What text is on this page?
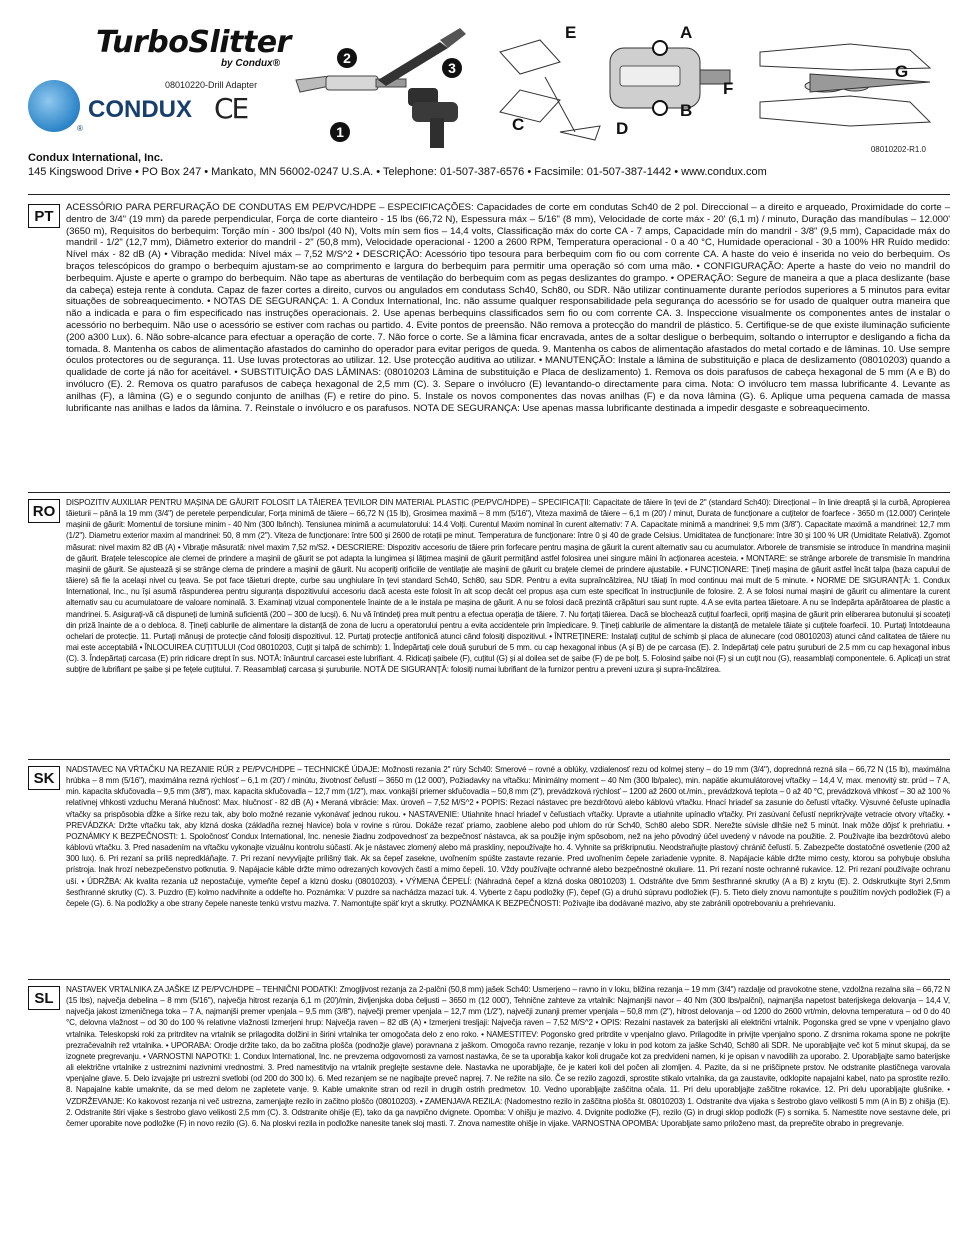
TurboSlitter
by Condux®
08010220-Drill Adapter
CONDUX
®
CE
2
3
1
E	A
G
F
B
C	D
08010202-R1.0
Condux International, Inc.
145 Kingswood Drive • PO Box 247 • Mankato, MN 56002-0247 U.S.A. • Telephone: 01-507-387-6576 • Facsimile: 01-507-387-1442 • www.condux.com
PT	ACESSÓRIO PARA PERFURAÇÃO DE CONDUTAS EM PE/PVC/HDPE – ESPECIFICAÇÕES: Capacidades de corte em condutas Sch40 de 2 pol. Direccional – a direito e arqueado, Proximidade do corte – dentro de 3/4" (19 mm) da parede perpendicular, Força de corte dianteiro - 15 lbs (66,72 N), Espessura máx – 5/16" (8 mm), Velocidade de corte máx - 20' (6,1 m) / minuto, Duração das mandíbulas – 12.000' (3650 m), Requisitos do berbequim: Torção mín - 300 lbs/pol (40 N), Volts mín sem fios – 14,4 volts, Classificação máx do corte CA - 7 amps, Capacidade mín do mandril - 3/8" (9,5 mm), Capacidade máx do mandril - 1/2" (12,7 mm), Diâmetro exterior do mandril - 2" (50,8 mm), Velocidade operacional - 1200 a 2600 RPM, Temperatura operacional - 0 a 40 °C, Humidade operacional - 30 a 100% HR Ruído medido: Nível máx - 82 dB (A) • Vibração medida: Nível máx – 7,52 M/S^2 • DESCRIÇÃO: Acessório tipo tesoura para berbequim com fio ou com corrente CA. A haste do veio é inserida no veio do berbequim. Os braços telescópicos do grampo o berbequim ajustam-se ao comprimento e largura do berbequim para permitir uma operação só com uma mão. • CONFIGURAÇÃO: Aperte a haste do veio no mandril do berbequim. Ajuste e aperte o grampo do berbequim. Não tape as aberturas de ventilação do berbequim com as pegas deslizantes do grampo. • OPERAÇÃO: Segure de maneira a que a placa deslizante (base da cabeça) esteja rente à conduta. Capaz de fazer cortes a direito, curvos ou angulados em condutass Sch40, Sch80, ou SDR. Não utilizar continuamente durante períodos superiores a 5 minutos para evitar situações de sobreaquecimento. • NOTAS DE SEGURANÇA: 1. A Condux International, Inc. não assume qualquer responsabilidade pela segurança do acessório se for usado de qualquer outra maneira que não a indicada e para o fim especificado nas instruções operacionais. 2. Use apenas berbequins classificados sem fio ou com corrente CA. 3. Inspeccione visualmente os componentes antes de instalar o acessório no berbequim. Não use o acessório se estiver com rachas ou partido. 4. Evite pontos de preensão. Não remova a protecção do mandril de plástico. 5. Certifique-se de que existe iluminação suficiente (200 a300 Lux). 6. Não sobre-alcance para efectuar a operação de corte. 7. Não force o corte. Se a lâmina ficar encravada, antes de a soltar desligue o berbequim, soltando o interruptor e desligando a ficha da tomada. 8. Mantenha os cabos de alimentação afastados do caminho do operador para evitar perigos de queda. 9. Mantenha os cabos de alimentação afastados do metal cortado e de lâminas. 10. Use sempre óculos protectores ou de segurança. 11. Use luvas protectoras ao utilizar. 12. Use protecção auditiva ao utilizar. • MANUTENÇÃO: Instale a lâmina de substituição e placa de deslizamento (08010203) quando a qualidade de corte já não for aceitável. • SUBSTITUIÇÃO DAS LÂMINAS: (08010203 Lâmina de substituição e Placa de deslizamento) 1. Remova os dois parafusos de cabeça hexagonal de 5 mm (A e B) do invólucro (E). 2. Remova os quatro parafusos de cabeça hexagonal de 2,5 mm (C). 3. Separe o invólucro (E) levantando-o directamente para cima. Nota: O invólucro tem massa lubrificante 4. Levante as anilhas (F), a lâmina (G) e o segundo conjunto de anilhas (F) e retire do pino. 5. Instale os novos componentes das novas anilhas (F) e da nova lâmina (G). 6. Aplique uma pequena camada de massa lubrificante nas anilhas e lados da lâmina. 7. Reinstale o invólucro e os parafusos. NOTA DE SEGURANÇA: Use apenas massa lubrificante destinada a impedir desgaste e sobreaquecimento.
RO	DISPOZITIV AUXILIAR PENTRU MAȘINA DE GĂURIT FOLOSIT LA TĂIEREA ȚEVILOR DIN MATERIAL PLASTIC (PE/PVC/HDPE) – SPECIFICAȚII: Capacitate de tăiere în țevi de 2" (standard Sch40): Direcțional – în linie dreaptă și la curbă, Apropierea tăieturii – până la 19 mm (3/4") de peretele perpendicular, Forța minimă de tăiere – 66,72 N (15 lb), Grosimea maximă – 8 mm (5/16"), Viteza maximă de tăiere – 6,1 m (20') / minut, Durata de funcționare a cuțitelor de foarfece - 3650 m (12.000') Cerințele mașinii de găurit: Momentul de torsiune minim - 40 Nm (300 lb/inch). Tensiunea minimă a acumulatorului: 14.4 Volți. Curentul Maxim nominal în curent alternativ: 7 A. Capacitate minimă a mandrinei: 9,5 mm (3/8"). Capacitate maximă a mandrinei: 12,7 mm (1/2"). Diametru exterior maxim al mandrinei: 50, 8 mm (2"). Viteza de funcționare: între 500 și 2600 de rotații pe minut. Temperatura de funcționare: între 0 și 40 de grade Celsius. Umiditatea de funcționare: între 30 și 100 % UR (Umiditate Relativă). Zgomot măsurat: nivel maxim 82 dB (A) • Vibrație măsurată: nivel maxim 7,52 m/S2. • DESCRIERE: Dispozitiv accesoriu de tăiere prin forfecare pentru mașina de găurit la curent alternativ sau cu acumulator. Arborele de transmisie se introduce în mandrina mașinii de găurit. Brațele telescopice ale clemei de prindere a mașinii de găurit se pot adapta la lungimea și lățimea mașinii de găurit permițând astfel folosirea unei singure mâini în acționarea acesteia. • MONTARE: se strânge arborele de transmisie în mandrina mașinii de găurit. Se ajustează și se strânge clema de prindere a mașinii de găurit. Nu acoperiți orificiile de ventilație ale mașinii de găurit cu brațele clemei de prindere ajustabile. • FUNCȚIONARE: Țineți mașina de găurit astfel încât talpa (baza capului de tăiere) să fie la același nivel cu țeava. Se pot face tăieturi drepte, curbe sau unghiulare în țevi standard Sch40, Sch80, sau SDR. Pentru a evita supraîncălzirea, NU tăiați în mod continuu mai mult de 5 minute. • NORME DE SIGURANȚĂ: 1. Condux International, Inc., nu își asumă răspunderea pentru siguranța dispozitivului accesoriu dacă acesta este folosit în alt scop decât cel propus așa cum este specificat în instrucțiunile de folosire. 2. A se folosi numai mașini de găurit cu alimentare la curent alternativ sau cu acumulatoare de valoare nominală. 3. Examinați vizual componentele înainte de a le instala pe mașina de găurit. A nu se folosi dacă prezintă crăpături sau sunt rupte. 4.A se evita partea tăietoare. A nu se îndepărta apărătoarea de plastic a mandrinei. 5. Asigurați-vă că dispuneți de lumină suficientă (200 – 300 de lucși). 6. Nu vă întindeți prea mult pentru a efectua operația de tăiere. 7. Nu forțați tăierea. Dacă se blochează cuțitul foarfecii, opriți mașina de găurit prin eliberarea butonului și scoateți din priză înainte de a o debloca. 8. Țineți cablurile de alimentare la distanță de zona de lucru a operatorului pentru a evita accidentele prin împiedicare. 9. Țineți cablurile de alimentare la distanță de metalele tăiate și cuțitele foarfecii. 10. Purtați întotdeauna ochelari de protecție. 11. Purtați mănuși de protecție când folosiți dispozitivul. 12. Purtați protecție antifonică atunci când folosiți dispozitivul. • ÎNTREȚINERE: Instalați cuțitul de schimb și placa de alunecare (cod 08010203) atunci când calitatea de tăiere nu mai este acceptabilă • ÎNLOCUIREA CUȚITULUI (Cod 08010203, Cuțit și talpă de schimb): 1. Îndepărtați cele două șuruburi de 5 mm. cu cap hexagonal inbus (A și B) de pe carcasa (E). 2. îndepărtați cele patru șuruburi de 2.5 mm cu cap hexagonal inbus (C). 3. Îndepărtați carcasa (E) prin ridicare drept în sus. NOTĂ: înăuntrul carcasei este lubrifiant. 4. Ridicați șaibele (F), cuțitul (G) și al doilea set de șaibe (F) de pe bolț. 5. Folosind șaibe noi (F) și un cuțit nou (G), reasamblați componentele. 6. Aplicați un strat subțire de lubrifiant pe șaibe și pe fețele cuțitului. 7. Reasamblați carcasa și șuruburile. NOTĂ DE SIGURANȚĂ: folosiți numai lubrifiant de la furnizor pentru a preveni uzura și supra-încălzirea.
SK	NADSTAVEC NA VŔTAČKU NA REZANIE RÚR z PE/PVC/HDPE – TECHNICKÉ ÚDAJE: Možnosti rezania 2" rúry Sch40: Smerové – rovné a oblúky, vzdialenosť rezu od kolmej steny – do 19 mm (3/4"), doprednná rezná sila – 66,72 N (15 lb), maximálna hrúbka – 8 mm (5/16"), maximálna rezná rýchlosť – 6,1 m (20') / minútu, životnosť čeľustí – 3650 m (12 000'), Požiadavky na vŕtačku: Minimálny moment – 40 Nm (300 lb/palec), min. napätie akumulátorovej vŕtačky – 14,4 V, max. menovitý str. prúd – 7 A, min. kapacita skľučovadla – 9,5 mm (3/8"), max. kapacita skľučovadla – 12,7 mm (1/2"), max. vonkajší priemer skľučovadla – 50,8 mm (2"), prevádzková rýchlosť – 1200 až 2600 ot./min., prevádzková teplota – 0 až 40 °C, prevádzková vlhkosť – 30 až 100 % relatívnej vlhkosti vzduchu Meraná hlučnosť: Max. hlučnosť - 82 dB (A) • Meraná vibrácie: Max. úroveň – 7,52 M/S^2 • POPIS: Rezací nástavec pre bezdrôtovú alebo káblovú vŕtačku. Hnací hriadeľ sa zasunie do čeľustí vŕtačky. Výsuvné čeľuste upínadla vŕtačky sa prispôsobia dĺžke a šírke rezu tak, aby bolo možné rezanie vykonávať jednou rukou. • NASTAVENIE: Utiahnite hnací hriadeľ v čeľustiach vŕtačky. Upravte a utiahnite upínadlo vŕtačky. Pri zasúvaní čeľustí neprikrývajte vetracie otvory vŕtačky. • PREVÁDZKA: Držte vŕtačku tak, aby klzná doska (základňa reznej hlavice) bola v rovine s rúrou. Dokáže rezať priamo, zaoblene alebo pod uhlom do rúr Sch40, Sch80 alebo SDR. Nerežte súvisle dlhšie než 5 minút. Inak môže dôjsť k prehriatiu. • POZNÁMKY K BEZPEČNOSTI: 1. Spoločnosť Condux International, Inc. nenesie žiadnu zodpovednosť za bezpečnosť nástavca, ak sa použije iným spôsobom, než na jeho pôvodný účel uvedený v návode na použitie. 2. Používajte iba bezdrôtovú alebo káblovú vŕtačku. 3. Pred nasadením na vŕtačku vykonajte vizuálnu kontrolu súčastí. Ak je nástavec zlomený alebo má praskliny, nepoužívajte ho. 4. Vyhnite sa priškripnutiu. Neodstraňujte plastový chránič čeľustí. 5. Zabezpečte dostatočné osvetlenie (200 až 300 lux). 6. Pri rezaní sa príliš nepredkláňajte. 7. Pri rezaní nevyvíjajte prílišný tlak. Ak sa čepeľ zasekne, uvoľnením spúšte zastavte rezanie. Pred uvoľnením čepele zariadenie vypnite. 8. Napájacie káble držte mimo cesty, ktorou sa pohybuje obsluha prístroja. Inak hrozí nebezpečenstvo potknutia. 9. Napájacie káble držte mimo odrezaných kovových častí a mimo čepelí. 10. Vždy používajte ochranné alebo bezpečnostné okuliare. 11. Pri rezaní noste ochranné rukavice. 12. Pri rezaní používajte ochranu uší. • ÚDRŽBA: Ak kvalita rezania už nepostačuje, vymeňte čepeľ a klznú dosku (08010203). • VÝMENA ČEPELÍ: (Náhradná čepeľ a klzná doska 08010203) 1. Odstráňte dve 5mm šesťhranné skrutky (A a B) z krytu (E). 2. Odskrutkujte štyri 2,5mm šesťhranné skrutky (C). 3. Puzdro (E) kolmo nadvihnite a oddeľte ho. Poznámka: V puzdre sa nachádza mazací tuk. 4. Vyberte z čapu podložky (F), čepeľ (G) a druhú súpravu podložiek (F). 5. Tieto diely znovu namontujte s použitím nových podložiek (F) a čepele (G). 6. Na podložky a obe strany čepele naneste tenkú vrstvu maziva. 7. Namontujte späť kryt a skrutky. POZNÁMKA K BEZPEČNOSTI: Požívajte iba dodávané mazivo, aby ste zabránili opotrebovaniu a prehrievaniu.
SL	NASTAVEK VRTALNIKA ZA JAŠKE IZ PE/PVC/HDPE – TEHNIČNI PODATKI: Zmogljivost rezanja za 2-palčni (50,8 mm) jašek Sch40: Usmerjeno – ravno in v loku, bližina rezanja – 19 mm (3/4") razdalje od pravokotne stene, vzdolžna rezalna sila – 66,72 N (15 lbs), največja debelina – 8 mm (5/16"), največja hitrost rezanja 6,1 m (20')/min, življenjska doba čeljusti – 3650 m (12 000'), Tehnične zahteve za vrtalnik: Najmanjši navor – 40 Nm (300 lbs/palčni), najmanjša napetost baterijskega delovanja – 14,4 V, največja jakost izmeničnega toka – 7 A, najmanjši premer vpenjala – 9,5 mm (3/8"), največji premer vpenjala – 12,7 mm (1/2"), največji zunanji premer vpenjala – 50,8 mm (2"), hitrost delovanja – od 1200 do 2600 vrt/min, delovna temperatura – od 0 do 40 °C, delovna vlažnost – od 30 do 100 % relativne vlažnosti Izmerjeni hrup: Največja raven – 82 dB (A) • Izmerjeni tresljaji: Največja raven – 7,52 M/S^2 • OPIS: Rezalni nastavek za baterijski ali električni vrtalnik. Pogonska gred se vpne v vpenjalno glavo vrtalnika. Teleskopski roki za pritrditev na vrtalnik se prilagodita dolžini in širini vrtalnika ter omogočata delo z eno roko. • NAMESTITEV: Pogonsko gred pritrdite v vpenjalno glavo. Prilagodite in privijte vpenjalno spono. Z drsnima rokama spone ne pokrijte prezračevalnih rež vrtalnika. • UPORABA: Orodje držite tako, da bo začitna plošča (podnožje glave) poravnana z jaškom. Omogoča ravno rezanje, rezanje v loku in pod kotom za jaške Sch40, Sch80 ali SDR. Ne uporabljajte več kot 5 minut skupaj, da se izognete pregrevanju. • VARNOSTNI NAPOTKI: 1. Condux International, Inc. ne prevzema odgovornosti za varnost nastavka, če se ta uporablja kakor koli drugače kot za predvideni namen, ki je opisan v navodilih za uporabo. 2. Uporabljajte samo baterijske ali električne vrtalnike z ustreznimi nazivnimi vrednostmi. 3. Pred namestitvijo na vrtalnik preglejte sestavne dele. Nastavka ne uporabljajte, če je kateri koli del počen ali zlomljen. 4. Pazite, da si ne priščipnete prstov. Ne odstranite plastičnega varovala vpenjalne glave. 5. Delo izvajajte pri ustrezni svetlobi (od 200 do 300 lx). 6. Med rezanjem se ne nagibajte preveč naprej. 7. Ne režite na silo. Če se rezilo zagozdi, sprostite stikalo vrtalnika, da ga zaustavite, odklopite napajalni kabel, nato pa sprostite rezilo. 8. Napajalne kable umaknite, da se med delom ne zapletete vanje. 9. Kable umaknite stran od rezil in drugih ostrih predmetov. 10. Vedno uporabljajte zaščitna očala. 11. Pri delu uporabljajte zaščitne rokavice. 12. Pri delu uporabljajte glušnike. • VZDRŽEVANJE: Ko kakovost rezanja ni več ustrezna, zamenjajte rezilo in začitno ploščo (08010203). • ZAMENJAVA REZILA: (Nadomestno rezilo in zaščitna plošča št. 08010203) 1. Odstranite dva vijaka s šestrobo glavo velikosti 5 mm (A in B) z ohišja (E). 2. Odstranite štiri vijake s šestrobo glavo velikosti 2,5 mm (C). 3. Odstranite ohišje (E), tako da ga navpično dvignete. Opomba: V ohišju je mazivo. 4. Dvignite podložke (F), rezilo (G) in drugi sklop podložk (F) s sornika. 5. Namestite nove sestavne dele, pri čemer uporabite nove podložke (F) in novo rezilo (G). 6. Na ploskvi rezila in podložke nanesite tanek sloj masti. 7. Znova namestite ohišje in vijake. VARNOSTNA OPOMBA: Uporabljate samo priloženo mast, da preprečite obrabo in pregrevanje.
